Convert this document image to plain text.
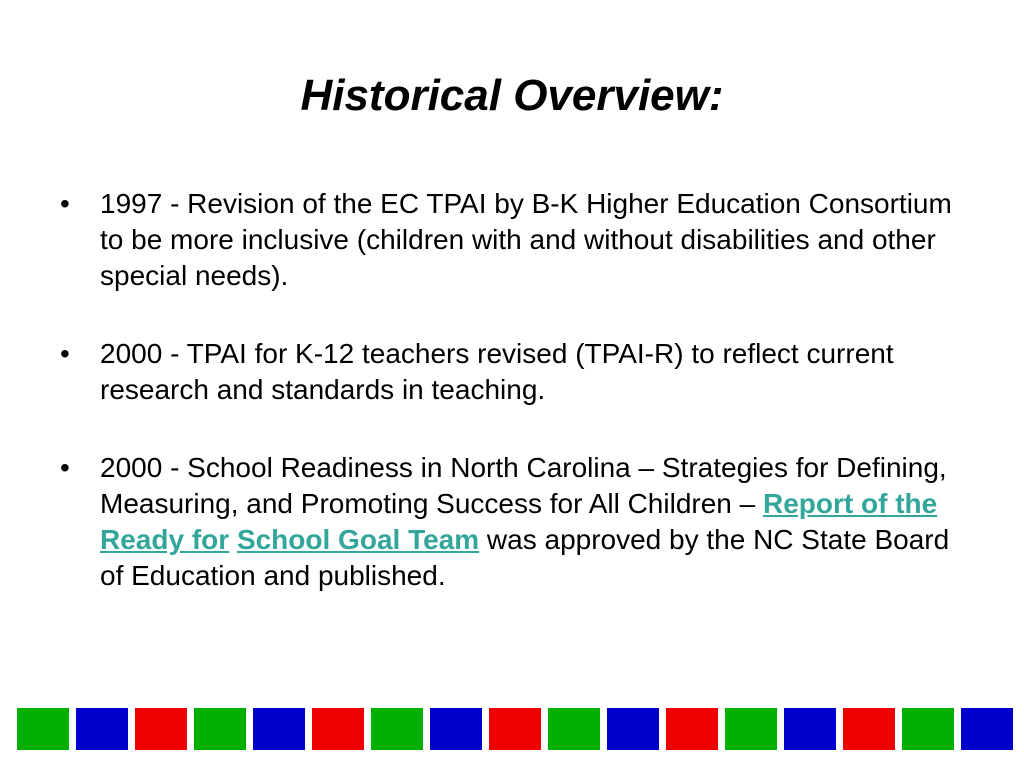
Historical Overview:
•	1997 - Revision of the EC TPAI by B-K Higher Education Consortium to be more inclusive (children with and without disabilities and other special needs).
•	2000 - TPAI for K-12 teachers revised (TPAI-R) to reflect current research and standards in teaching.
•	2000 - School Readiness in North Carolina – Strategies for Defining, Measuring, and Promoting Success for All Children – Report of the Ready for School Goal Team was approved by the NC State Board of Education and published.
